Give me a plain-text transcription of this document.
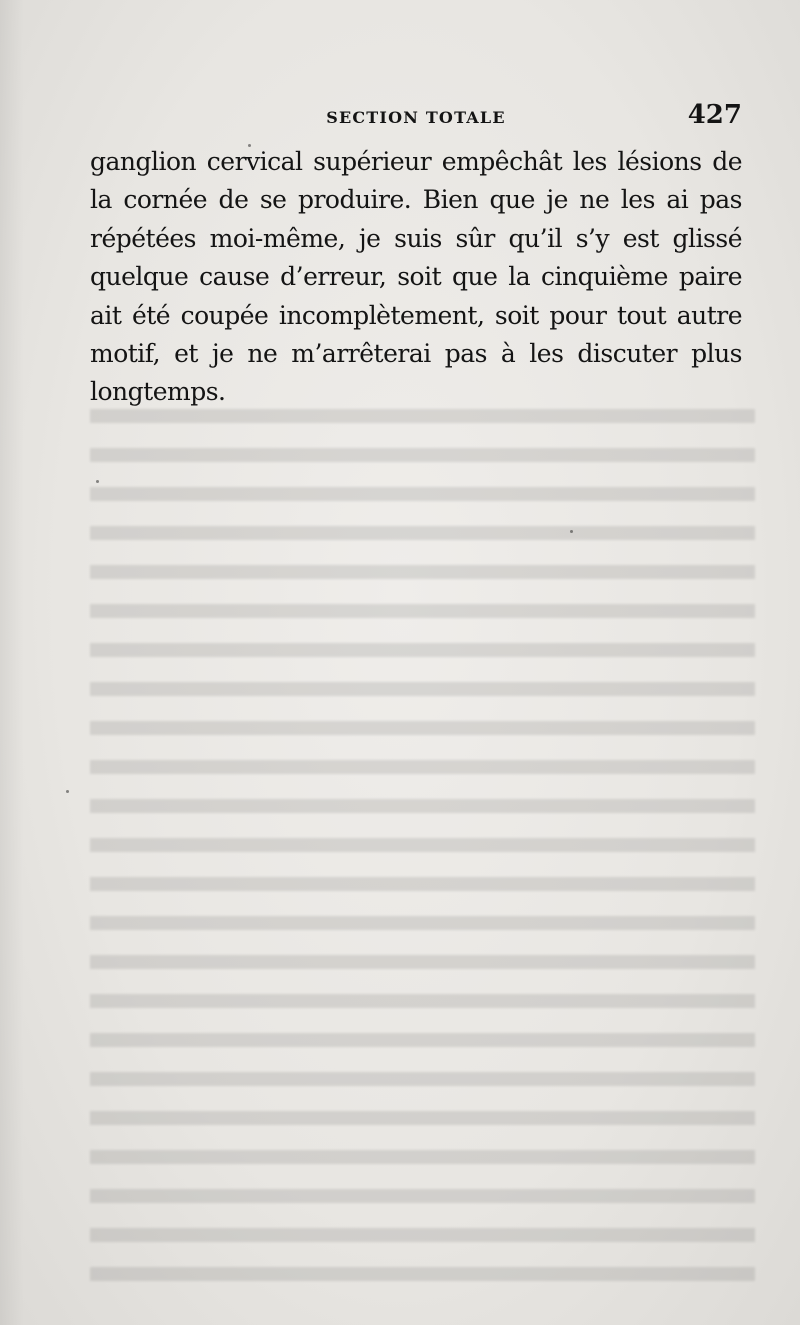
SECTION TOTALE	427
ganglion cervical supérieur empêchât les lésions de
la cornée de se produire. Bien que je ne les ai pas
répétées moi-même, je suis sûr qu’il s’y est glissé
quelque cause d’erreur, soit que la cinquième paire
ait été coupée incomplètement, soit pour tout autre
motif, et je ne m’arrêterai pas à les discuter plus
longtemps.
